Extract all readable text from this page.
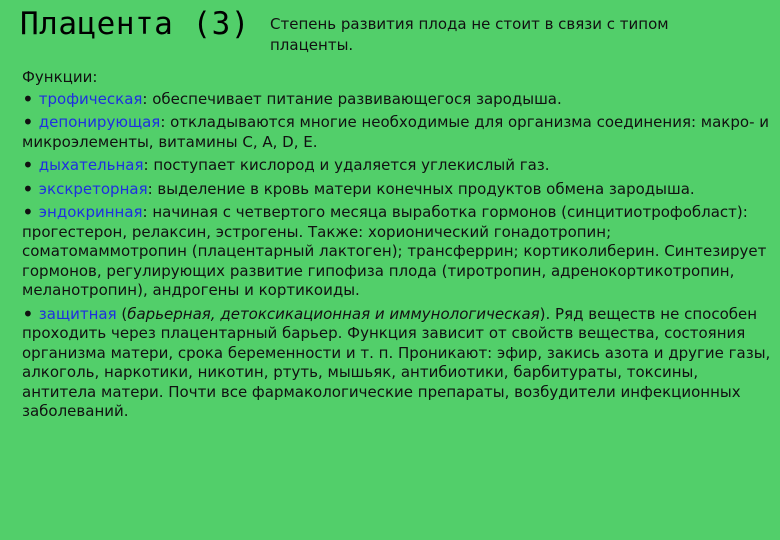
Плацента (3) Степень развития плода не стоит в связи с типом плаценты.

Функции:

• трофическая: обеспечивает питание развивающегося зародыша.

• депонирующая: откладываются многие необходимые для организма соединения: макро- и микроэлементы, витамины С, А, D, Е.

• дыхательная: поступает кислород и удаляется углекислый газ.

• экскреторная: выделение в кровь матери конечных продуктов обмена зародыша.

• эндокринная: начиная с четвертого месяца выработка гормонов (синцитиотрофобласт): прогестерон, релаксин, эстрогены. Также: хорионический гонадотропин; соматомаммотропин (плацентарный лактоген); трансферрин; кортиколиберин. Синтезирует гормонов, регулирующих развитие гипофиза плода (тиротропин, адренокортикотропин, меланотропин), андрогены и кортикоиды.

• защитная (барьерная, детоксикационная и иммунологическая). Ряд веществ не способен проходить через плацентарный барьер. Функция зависит от свойств вещества, состояния организма матери, срока беременности и т. п. Проникают: эфир, закись азота и другие газы, алкоголь, наркотики, никотин, ртуть, мышьяк, антибиотики, барбитураты, токсины, антитела матери. Почти все фармакологические препараты, возбудители инфекционных заболеваний.
